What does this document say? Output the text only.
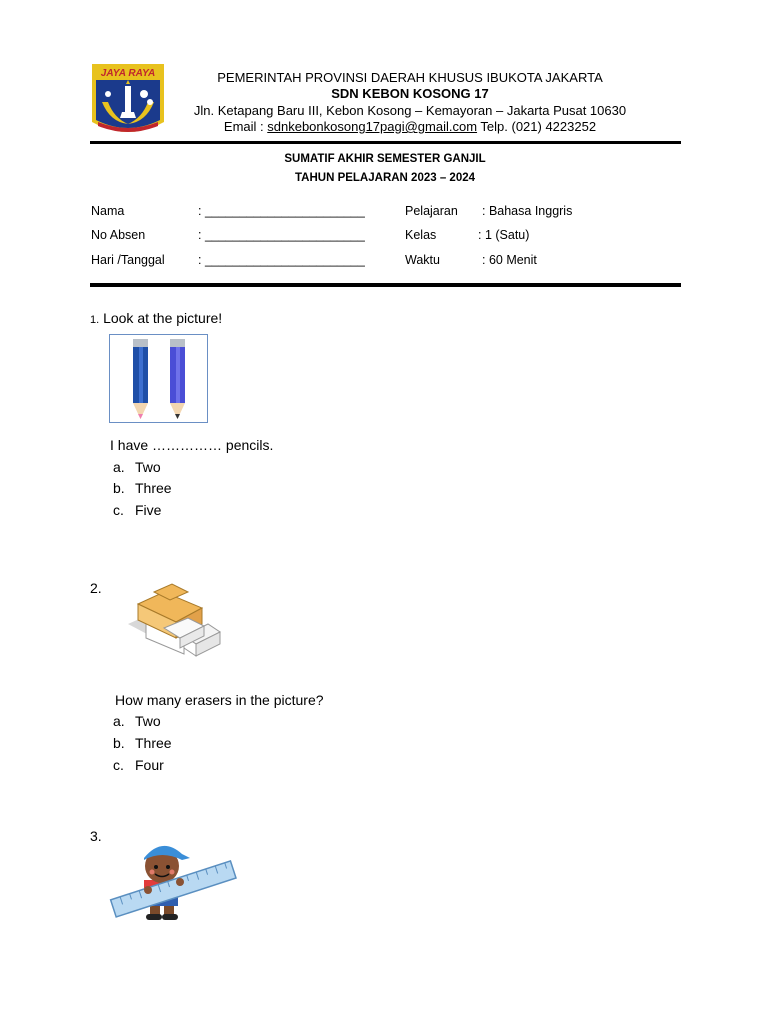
JAYA RAYA	PEMERINTAH PROVINSI DAERAH KHUSUS IBUKOTA JAKARTA
SDN KEBON KOSONG 17
Jln. Ketapang Baru III, Kebon Kosong – Kemayoran – Jakarta Pusat 10630
Email : sdnkebonkosong17pagi@gmail.com Telp. (021) 4223252
SUMATIF AKHIR SEMESTER GANJIL
TAHUN PELAJARAN 2023 – 2024
Nama	: _______________________
No Absen	: _______________________
Hari /Tanggal	: _______________________
Pelajaran : Bahasa Inggris
Kelas	: 1 (Satu)
Waktu	: 60 Menit
1. Look at the picture!
I have …………… pencils.
a. Two
b. Three
c. Five
2.
How many erasers in the picture?
a. Two
b. Three
c. Four
3.
